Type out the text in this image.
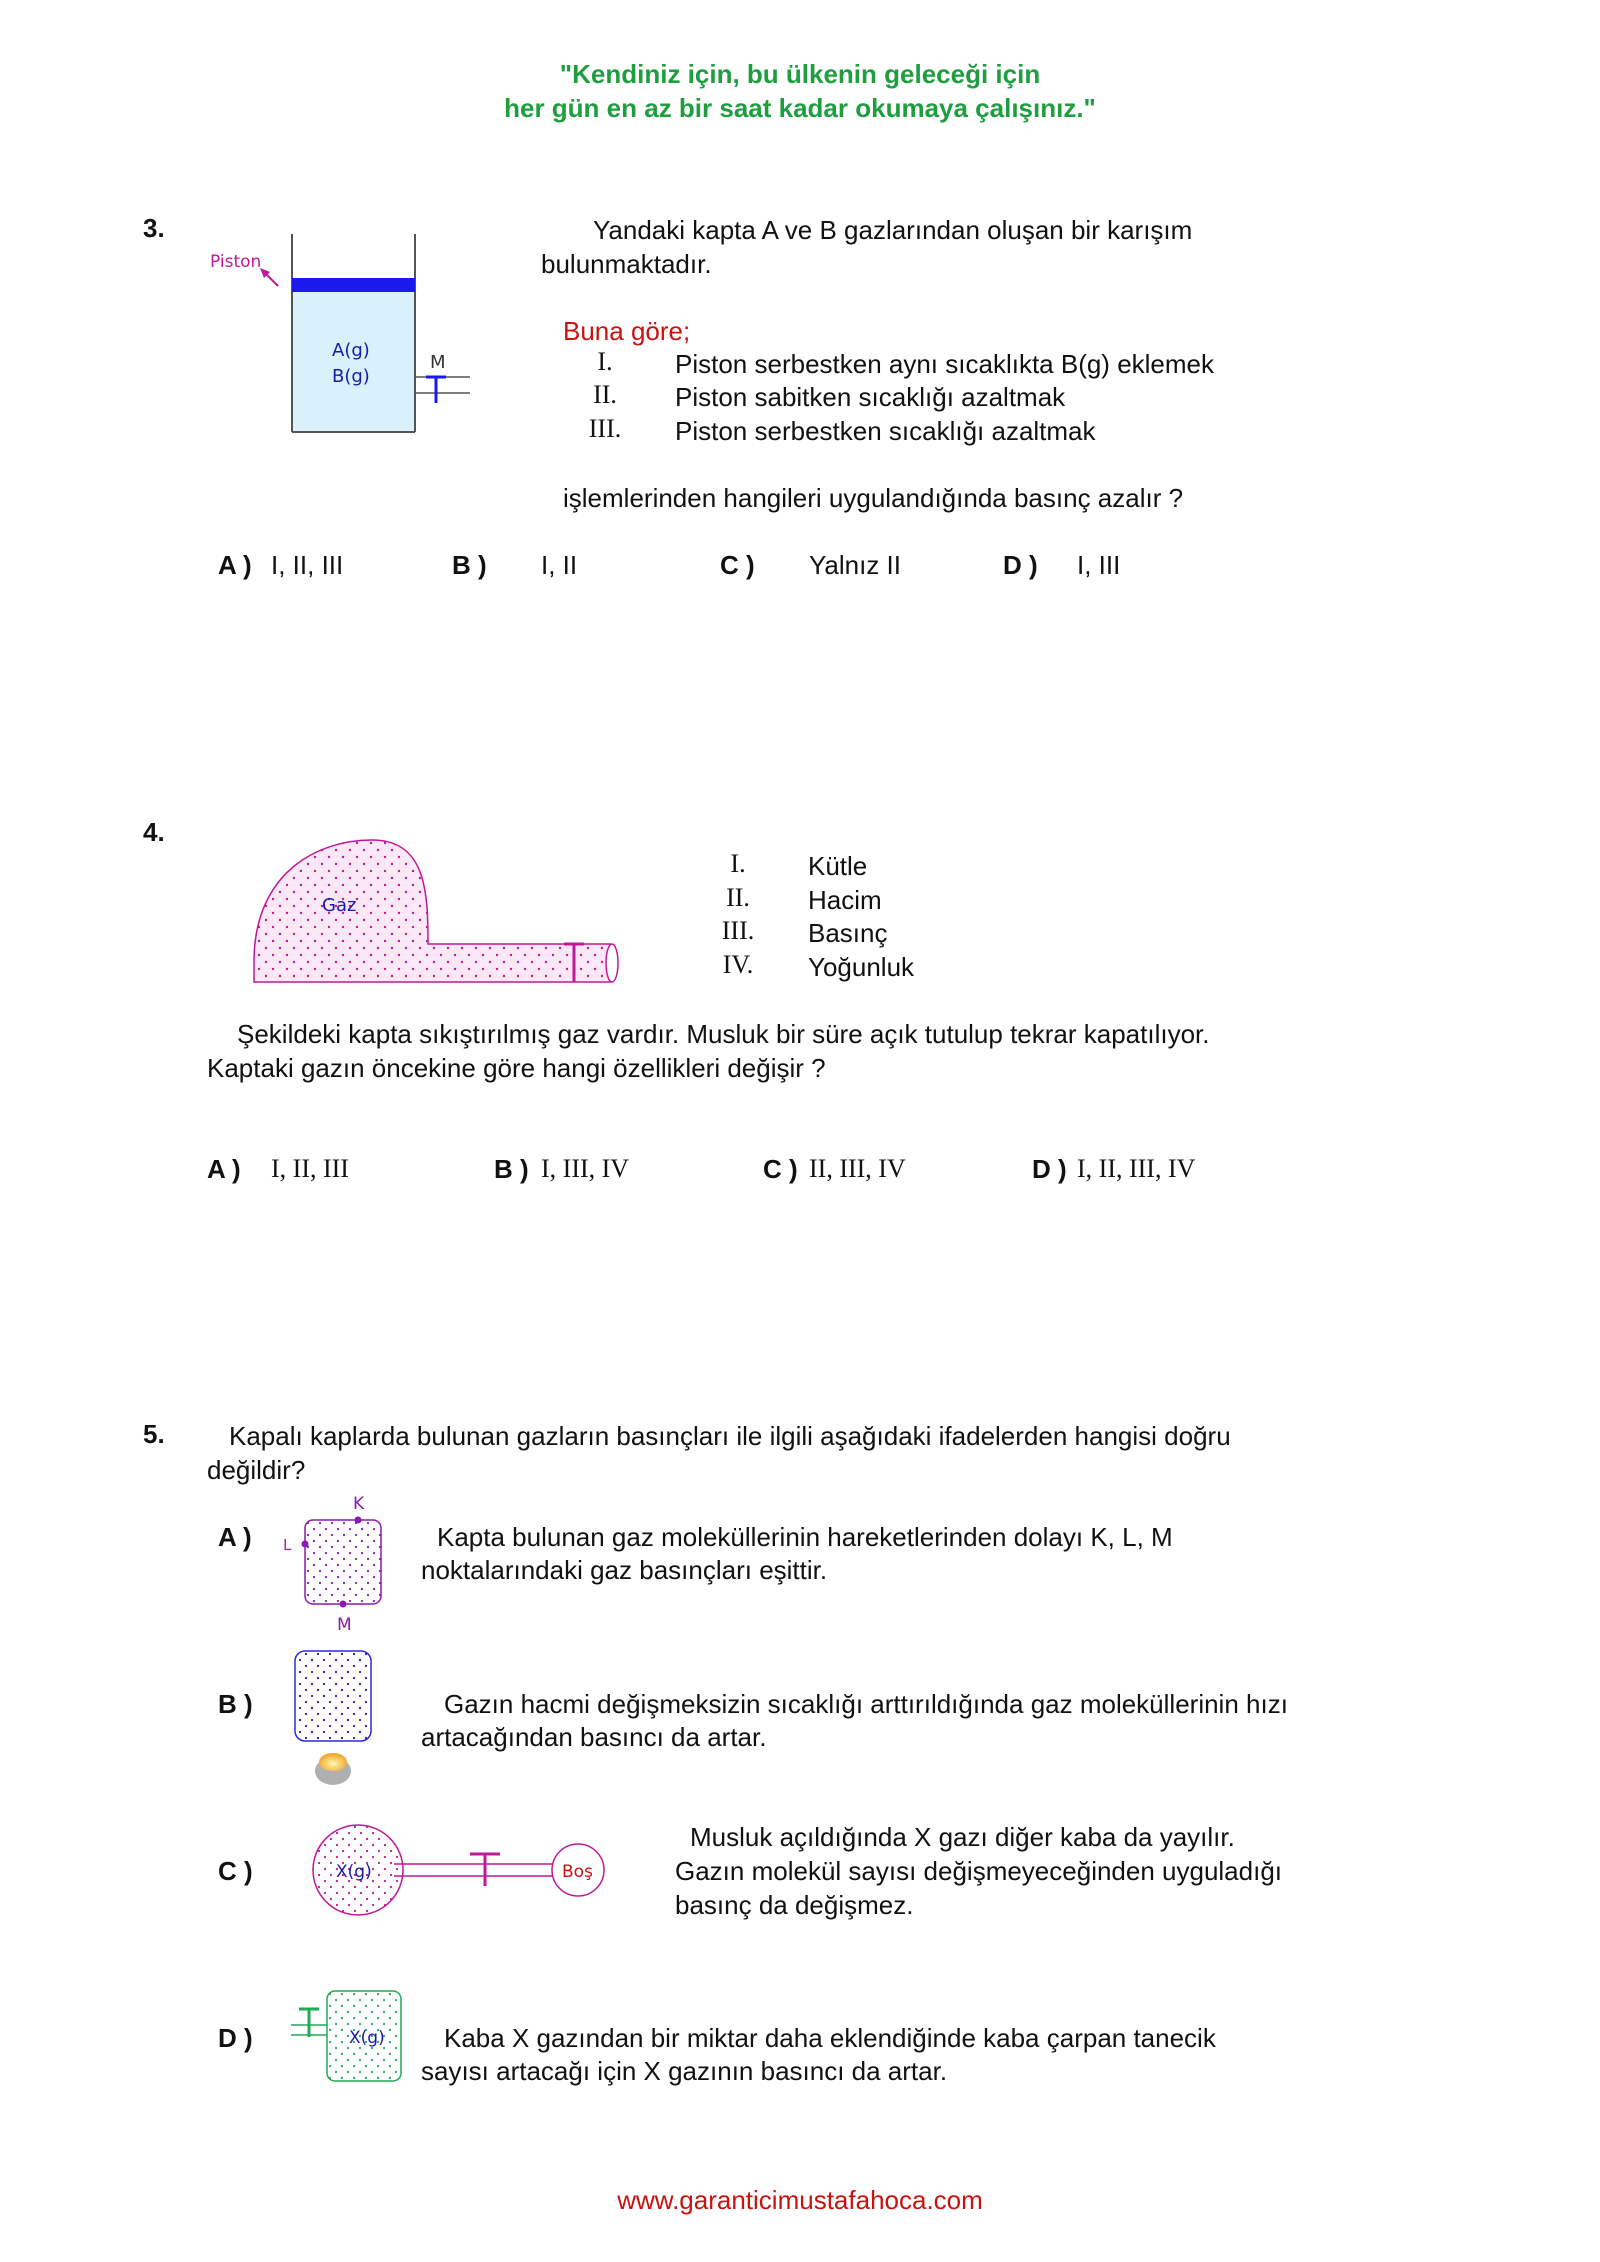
"Kendiniz için, bu ülkenin geleceği için
her gün en az bir saat kadar okumaya çalışınız."
3.
Piston
A(g)
B(g)
M
Yandaki kapta A ve B gazlarından oluşan bir karışım
bulunmaktadır.
Buna göre;
I.	Piston serbestken aynı sıcaklıkta B(g) eklemek
II.	Piston sabitken sıcaklığı azaltmak
III.	Piston serbestken sıcaklığı azaltmak
işlemlerinden hangileri uygulandığında basınç azalır ?
A ) I, II, III	B ) I, II	C ) Yalnız II	D ) I, III
4.
Gaz
I.	Kütle
II.	Hacim
III.	Basınç
IV.	Yoğunluk
Şekildeki kapta sıkıştırılmış gaz vardır. Musluk bir süre açık tutulup tekrar kapatılıyor.
Kaptaki gazın öncekine göre hangi özellikleri değişir ?
A ) I, II, III	B ) I, III, IV	C ) II, III, IV	D ) I, II, III, IV
5. Kapalı kaplarda bulunan gazların basınçları ile ilgili aşağıdaki ifadelerden hangisi doğru
değildir?
A )
K
L
M
Kapta bulunan gaz moleküllerinin hareketlerinden dolayı K, L, M
noktalarındaki gaz basınçları eşittir.
B )	Gazın hacmi değişmeksizin sıcaklığı arttırıldığında gaz moleküllerinin hızı
artacağından basıncı da artar.
C )	X(g)	Boş
Musluk açıldığında X gazı diğer kaba da yayılır.
Gazın molekül sayısı değişmeyeceğinden uyguladığı
basınç da değişmez.
D )	X(g) Kaba X gazından bir miktar daha eklendiğinde kaba çarpan tanecik
sayısı artacağı için X gazının basıncı da artar.
www.garanticimustafahoca.com
